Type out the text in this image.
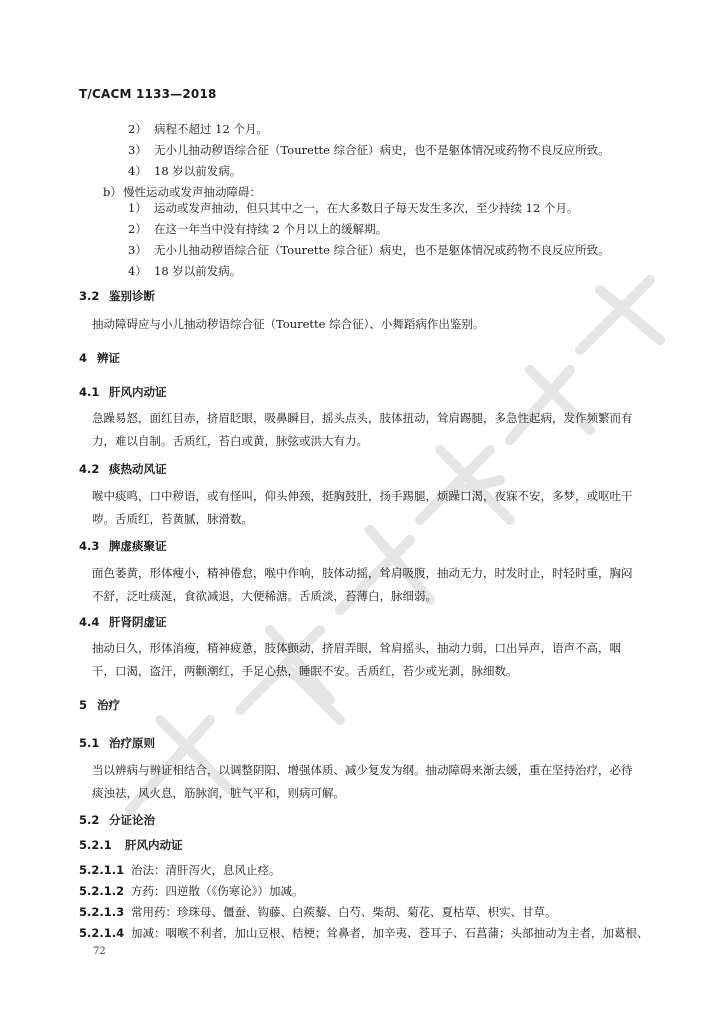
T/CACM 1133—2018
2） 病程不超过 12 个月。
3） 无小儿抽动秽语综合征（Tourette 综合征）病史，也不是躯体情况或药物不良反应所致。
4） 18 岁以前发病。
b） 慢性运动或发声抽动障碍：
1） 运动或发声抽动，但只其中之一，在大多数日子每天发生多次，至少持续 12 个月。
2） 在这一年当中没有持续 2 个月以上的缓解期。
3） 无小儿抽动秽语综合征（Tourette 综合征）病史，也不是躯体情况或药物不良反应所致。
4） 18 岁以前发病。
3.2 鉴别诊断
抽动障碍应与小儿抽动秽语综合征（Tourette 综合征）、小舞蹈病作出鉴别。
4 辨证
4.1 肝风内动证
急躁易怒，面红目赤，挤眉眨眼，吸鼻瞬目，摇头点头，肢体扭动，耸肩踢腿，多急性起病，发作频繁而有力，难以自制。舌质红，苔白或黄，脉弦或洪大有力。
4.2 痰热动风证
喉中痰鸣，口中秽语，或有怪叫，仰头伸颈，挺胸鼓肚，扬手踢腿，烦躁口渴，夜寐不安，多梦，或呕吐干哕。舌质红，苔黄腻，脉滑数。
4.3 脾虚痰聚证
面色萎黄，形体瘦小，精神倦怠，喉中作响，肢体动摇，耸肩吸腹，抽动无力，时发时止，时轻时重，胸闷不舒，泛吐痰涎，食欲减退，大便稀溏。舌质淡，苔薄白，脉细弱。
4.4 肝肾阴虚证
抽动日久，形体消瘦，精神疲惫，肢体颤动，挤眉弄眼，耸肩摇头，抽动力弱，口出异声，语声不高，咽干，口渴，盗汗，两颧潮红，手足心热，睡眠不安。舌质红，苔少或光剥，脉细数。
5 治疗
5.1 治疗原则
当以辨病与辨证相结合，以调整阴阳、增强体质、减少复发为纲。抽动障碍来渐去缓，重在坚持治疗，必待痰浊祛，风火息，筋脉润，脏气平和，则病可解。
5.2 分证论治
5.2.1 肝风内动证
5.2.1.1 治法：清肝泻火，息风止痉。
5.2.1.2 方药：四逆散（《伤寒论》）加减。
5.2.1.3 常用药：珍珠母、僵蚕、钩藤、白蒺藜、白芍、柴胡、菊花、夏枯草、枳实、甘草。
5.2.1.4 加减：咽喉不利者，加山豆根、桔梗；耸鼻者，加辛夷、苍耳子、石菖蒲；头部抽动为主者，加葛根、
72
